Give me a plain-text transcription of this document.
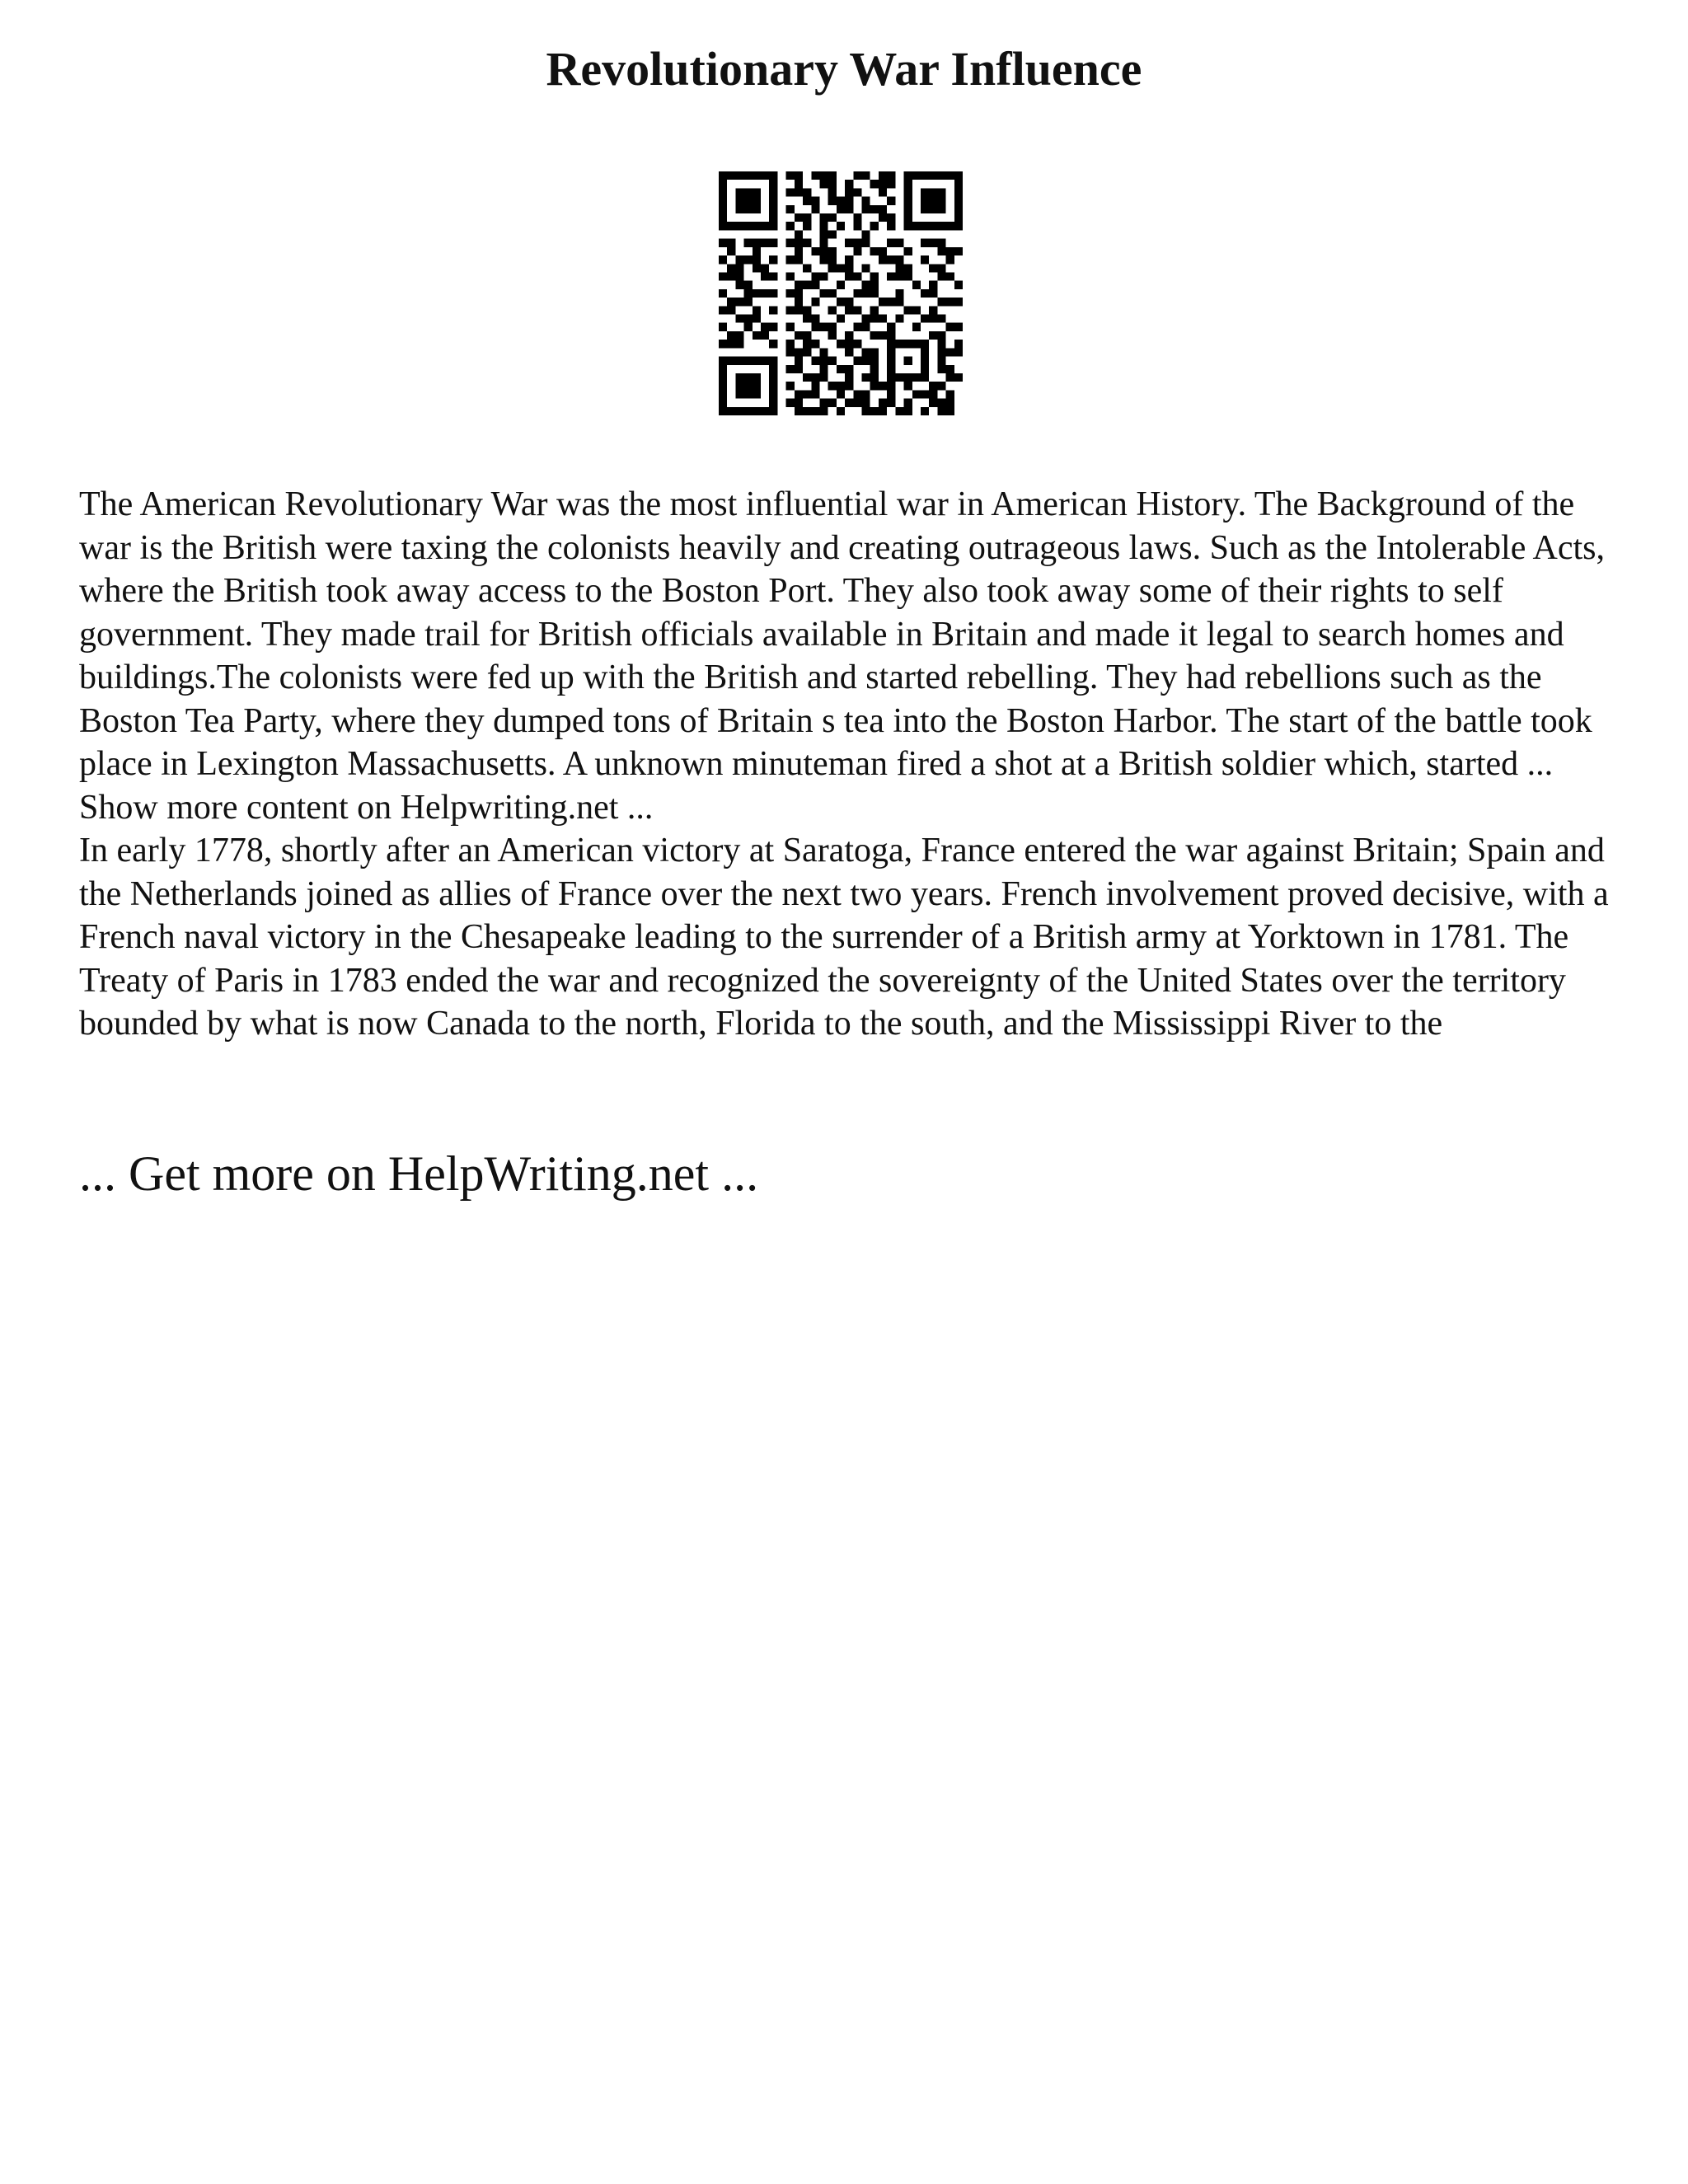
Revolutionary War Influence

The American Revolutionary War was the most influential war in American History. The Background of the war is the British were taxing the colonists heavily and creating outrageous laws. Such as the Intolerable Acts, where the British took away access to the Boston Port. They also took away some of their rights to self government. They made trail for British officials available in Britain and made it legal to search homes and buildings.The colonists were fed up with the British and started rebelling. They had rebellions such as the Boston Tea Party, where they dumped tons of Britain s tea into the Boston Harbor. The start of the battle took place in Lexington Massachusetts. A unknown minuteman fired a shot at a British soldier which, started ... Show more content on Helpwriting.net ...

In early 1778, shortly after an American victory at Saratoga, France entered the war against Britain; Spain and the Netherlands joined as allies of France over the next two years. French involvement proved decisive, with a French naval victory in the Chesapeake leading to the surrender of a British army at Yorktown in 1781. The Treaty of Paris in 1783 ended the war and recognized the sovereignty of the United States over the territory bounded by what is now Canada to the north, Florida to the south, and the Mississippi River to the

... Get more on HelpWriting.net ...
